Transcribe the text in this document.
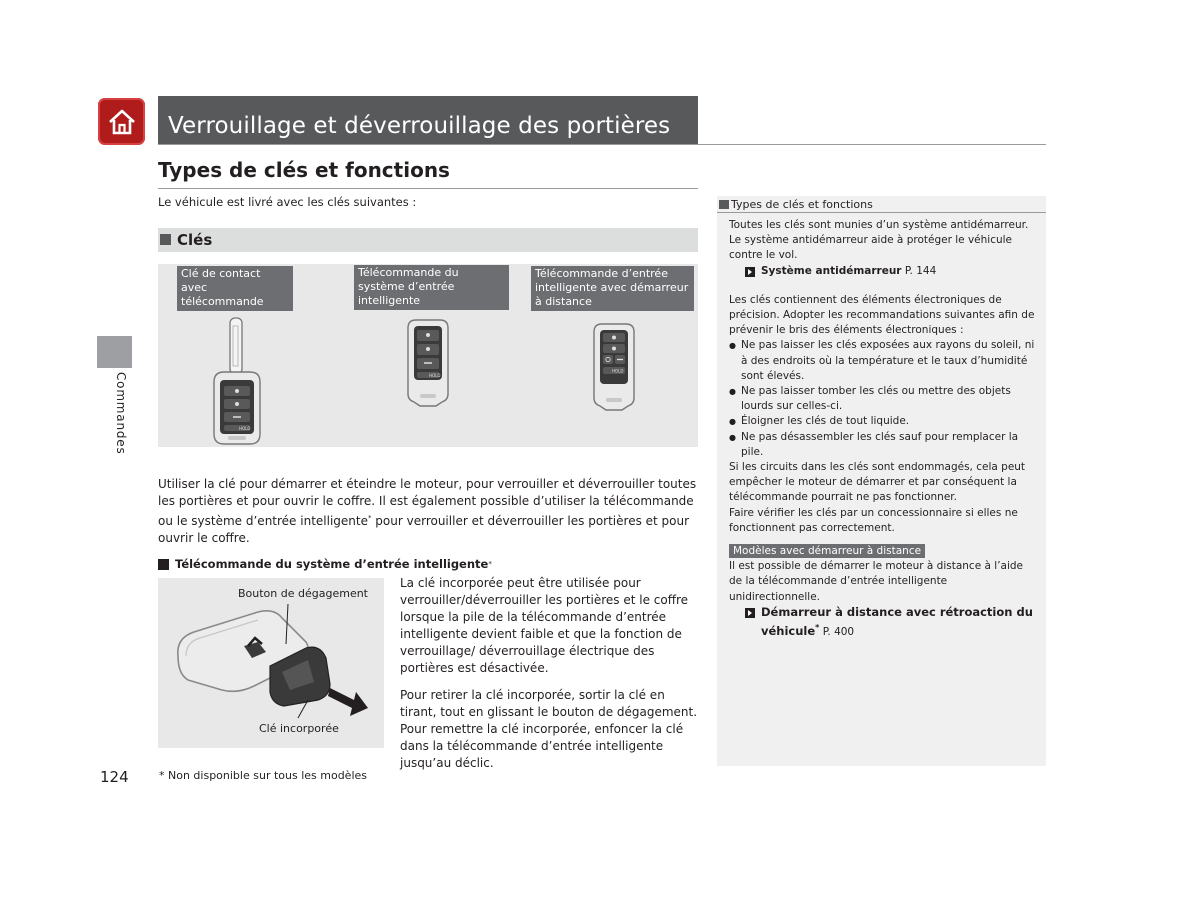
Verrouillage et déverrouillage des portières
Commandes
Types de clés et fonctions
Le véhicule est livré avec les clés suivantes :
Clés
Clé de contact avec télécommande
Télécommande du système d’entrée intelligente
Télécommande d’entrée intelligente avec démarreur à distance
HOLD
HOLD
HOLD
Utiliser la clé pour démarrer et éteindre le moteur, pour verrouiller et déverrouiller toutes les portières et pour ouvrir le coffre. Il est également possible d’utiliser la télécommande ou le système d’entrée intelligente* pour verrouiller et déverrouiller les portières et pour ouvrir le coffre.
Télécommande du système d’entrée intelligente *
Bouton de dégagement
Clé incorporée

La clé incorporée peut être utilisée pour verrouiller/déverrouiller les portières et le coffre lorsque la pile de la télécommande d’entrée intelligente devient faible et que la fonction de verrouillage/ déverrouillage électrique des portières est désactivée.

Pour retirer la clé incorporée, sortir la clé en tirant, tout en glissant le bouton de dégagement. Pour remettre la clé incorporée, enfoncer la clé dans la télécommande d’entrée intelligente jusqu’au déclic.

124	* Non disponible sur tous les modèles
Types de clés et fonctions
Toutes les clés sont munies d’un système antidémarreur. Le système antidémarreur aide à protéger le véhicule contre le vol.
Système antidémarreur P. 144
Les clés contiennent des éléments électroniques de précision. Adopter les recommandations suivantes afin de prévenir le bris des éléments électroniques :
● Ne pas laisser les clés exposées aux rayons du soleil, ni à des endroits où la température et le taux d’humidité sont élevés.
● Ne pas laisser tomber les clés ou mettre des objets lourds sur celles-ci.
● Éloigner les clés de tout liquide.
● Ne pas désassembler les clés sauf pour remplacer la pile.
Si les circuits dans les clés sont endommagés, cela peut empêcher le moteur de démarrer et par conséquent la télécommande pourrait ne pas fonctionner.
Faire vérifier les clés par un concessionnaire si elles ne fonctionnent pas correctement.
Modèles avec démarreur à distance
Il est possible de démarrer le moteur à distance à l’aide de la télécommande d’entrée intelligente unidirectionnelle.
Démarreur à distance avec rétroaction du véhicule* P. 400
